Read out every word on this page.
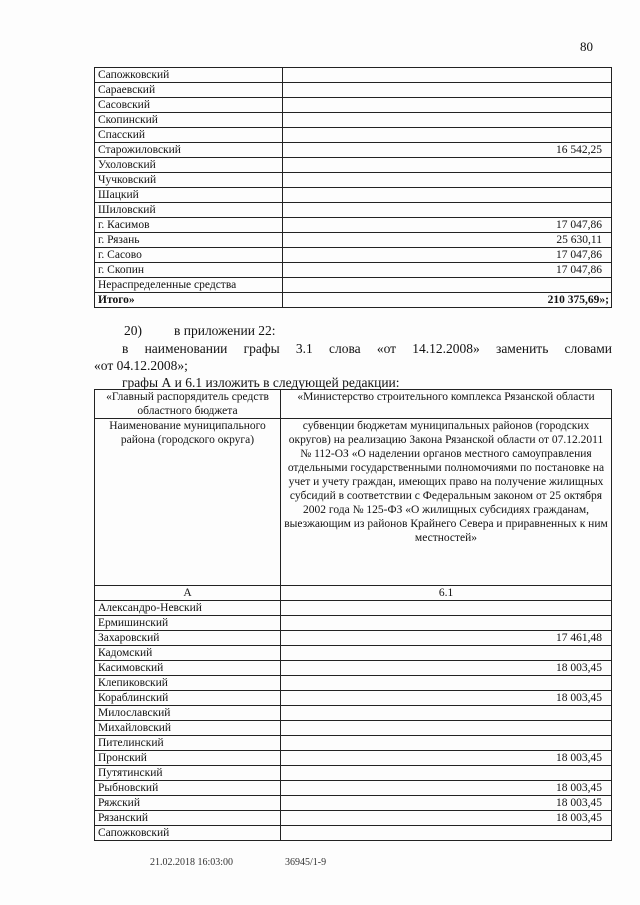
80
Сапожковский	
Сараевский	
Сасовский	
Скопинский	
Спасский	
Старожиловский	16 542,25
Ухоловский	
Чучковский	
Шацкий	
Шиловский	
г. Касимов	17 047,86
г. Рязань	25 630,11
г. Сасово	17 047,86
г. Скопин	17 047,86
Нераспределенные средства	
Итого»	210 375,69»;
20) в приложении 22:
в наименовании графы 3.1 слова «от 14.12.2008» заменить словами
«от 04.12.2008»;
графы А и 6.1 изложить в следующей редакции:
«Главный распорядитель средств областного бюджета	«Министерство строительного комплекса Рязанской области
Наименование муниципального района (городского округа)	субвенции бюджетам муниципальных районов (городских округов) на реализацию Закона Рязанской области от 07.12.2011 № 112-ОЗ «О наделении органов местного самоуправления отдельными государственными полномочиями по постановке на учет и учету граждан, имеющих право на получение жилищных субсидий в соответствии с Федеральным законом от 25 октября 2002 года № 125-ФЗ «О жилищных субсидиях гражданам, выезжающим из районов Крайнего Севера и приравненных к ним местностей»
А	6.1
Александро-Невский	
Ермишинский	
Захаровский	17 461,48
Кадомский	
Касимовский	18 003,45
Клепиковский	
Кораблинский	18 003,45
Милославский	
Михайловский	
Пителинский	
Пронский	18 003,45
Путятинский	
Рыбновский	18 003,45
Ряжский	18 003,45
Рязанский	18 003,45
Сапожковский	
21.02.2018 16:03:00	36945/1-9
